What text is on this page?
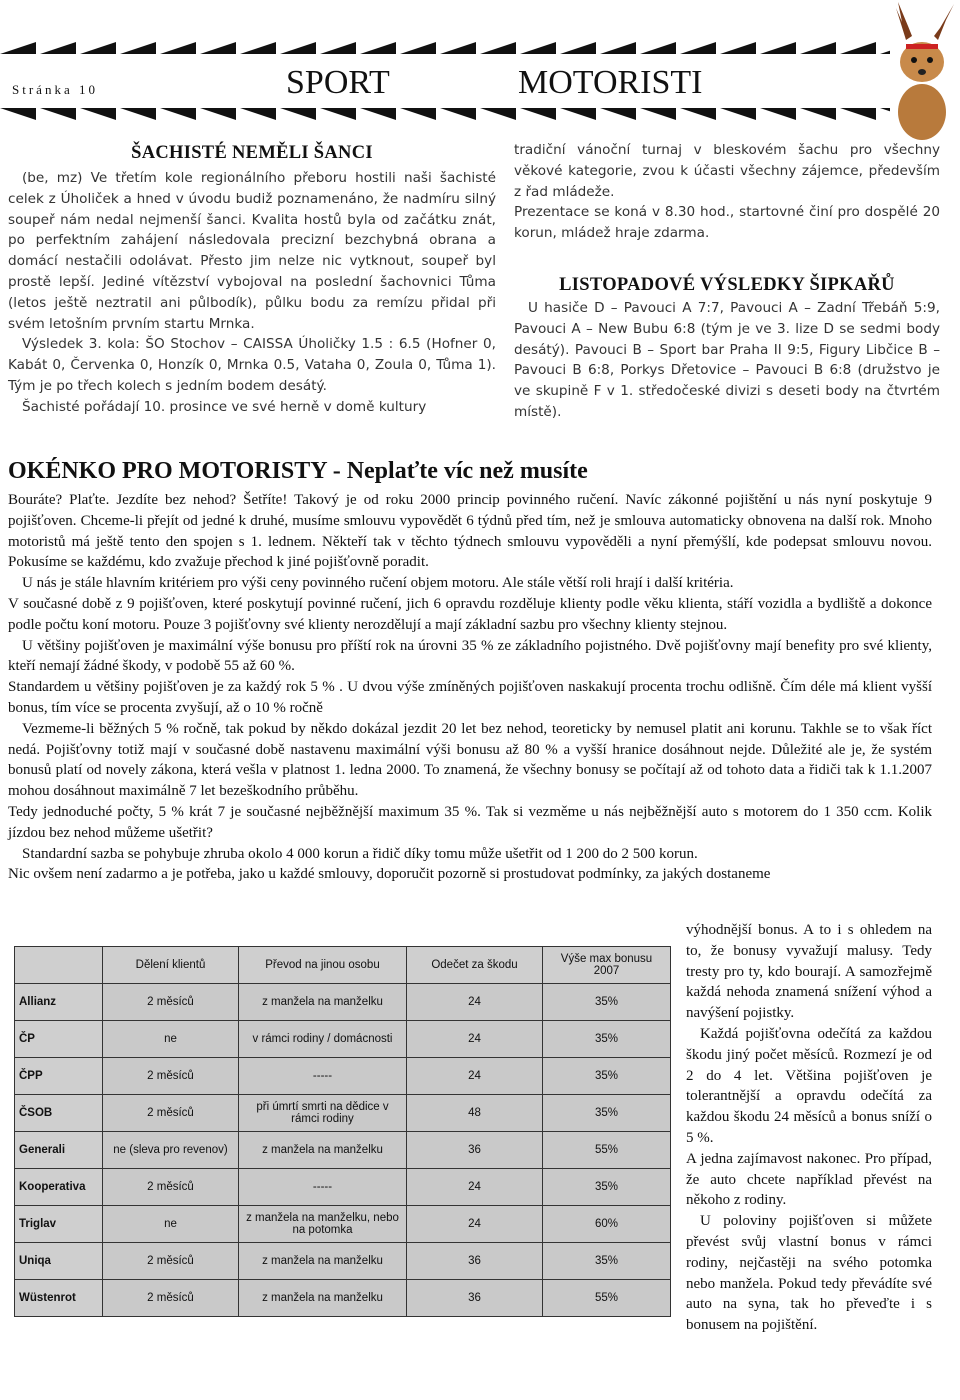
Stránka 10	SPORT	MOTORISTI
ŠACHISTÉ NEMĚLI ŠANCI

(be, mz) Ve třetím kole regionálního přeboru hostili naši šachisté celek z Úholiček a hned v úvodu budiž poznamenáno, že nadmíru silný soupeř nám nedal nejmenší šanci. Kvalita hostů byla od začátku znát, po perfektním zahájení následovala precizní bezchybná obrana a domácí nestačili odolávat. Přesto jim nelze nic vytknout, soupeř byl prostě lepší. Jediné vítězství vybojoval na poslední šachovnici Tůma (letos ještě neztratil ani půlbodík), půlku bodu za remízu přidal při svém letošním prvním startu Mrnka.

Výsledek 3. kola: ŠO Stochov – CAISSA Úholičky 1.5 : 6.5 (Hofner 0, Kabát 0, Červenka 0, Honzík 0, Mrnka 0.5, Vataha 0, Zoula 0, Tůma 1). Tým je po třech kolech s jedním bodem desátý.

Šachisté pořádají 10. prosince ve své herně v domě kultury

tradiční vánoční turnaj v bleskovém šachu pro všechny věkové kategorie, zvou k účasti všechny zájemce, především z řad mládeže.

Prezentace se koná v 8.30 hod., startovné činí pro dospělé 20 korun, mládež hraje zdarma.

LISTOPADOVÉ VÝSLEDKY ŠIPKAŘŮ

U hasiče D – Pavouci A 7:7, Pavouci A – Zadní Třebáň 5:9, Pavouci A – New Bubu 6:8 (tým je ve 3. lize D se sedmi body desátý). Pavouci B – Sport bar Praha II 9:5, Figury Libčice B – Pavouci B 6:8, Porkys Dřetovice – Pavouci B 6:8 (družstvo je ve skupině F v 1. středočeské divizi s deseti body na čtvrtém místě).

OKÉNKO PRO MOTORISTY - Neplaťte víc než musíte

Bouráte? Plaťte. Jezdíte bez nehod? Šetříte! Takový je od roku 2000 princip povinného ručení. Navíc zákonné pojištění u nás nyní poskytuje 9 pojišťoven. Chceme-li přejít od jedné k druhé, musíme smlouvu vypovědět 6 týdnů před tím, než je smlouva automaticky obnovena na další rok. Mnoho motoristů má ještě tento den spojen s 1. lednem. Někteří tak v těchto týdnech smlouvu vypověděli a nyní přemýšlí, kde podepsat smlouvu novou. Pokusíme se každému, kdo zvažuje přechod k jiné pojišťovně poradit.

U nás je stále hlavním kritériem pro výši ceny povinného ručení objem motoru. Ale stále větší roli hrají i další kritéria.

V současné době z 9 pojišťoven, které poskytují povinné ručení, jich 6 opravdu rozděluje klienty podle věku klienta, stáří vozidla a bydliště a dokonce podle počtu koní motoru. Pouze 3 pojišťovny své klienty nerozdělují a mají základní sazbu pro všechny klienty stejnou.

U většiny pojišťoven je maximální výše bonusu pro příští rok na úrovni 35 % ze základního pojistného. Dvě pojišťovny mají benefity pro své klienty, kteří nemají žádné škody, v podobě 55 až 60 %.

Standardem u většiny pojišťoven je za každý rok 5 % . U dvou výše zmíněných pojišťoven naskakují procenta trochu odlišně. Čím déle má klient vyšší bonus, tím více se procenta zvyšují, až o 10 % ročně

Vezmeme-li běžných 5 % ročně, tak pokud by někdo dokázal jezdit 20 let bez nehod, teoreticky by nemusel platit ani korunu. Takhle se to však říct nedá. Pojišťovny totiž mají v současné době nastavenu maximální výši bonusu až 80 % a vyšší hranice dosáhnout nejde. Důležité ale je, že systém bonusů platí od novely zákona, která vešla v platnost 1. ledna 2000. To znamená, že všechny bonusy se počítají až od tohoto data a řidiči tak k 1.1.2007 mohou dosáhnout maximálně 7 let bezeškodního průběhu.

Tedy jednoduché počty, 5 % krát 7 je současné nejběžnější maximum 35 %. Tak si vezměme u nás nejběžnější auto s motorem do 1 350 ccm. Kolik jízdou bez nehod můžeme ušetřit?

Standardní sazba se pohybuje zhruba okolo 4 000 korun a řidič díky tomu může ušetřit od 1 200 do 2 500 korun.

Nic ovšem není zadarmo a je potřeba, jako u každé smlouvy, doporučit pozorně si prostudovat podmínky, za jakých dostaneme

výhodnější bonus. A to i s ohledem na to, že bonusy vyvažují malusy. Tedy tresty pro ty, kdo bourají. A samozřejmě každá nehoda znamená snížení výhod a navýšení pojistky.

Každá pojišťovna odečítá za každou škodu jiný počet měsíců. Rozmezí je od 2 do 4 let. Většina pojišťoven je tolerantnější a opravdu odečítá za každou škodu 24 měsíců a bonus sníží o 5 %.

A jedna zajímavost nakonec. Pro případ, že auto chcete například převést na někoho z rodiny.

U poloviny pojišťoven si můžete převést svůj vlastní bonus v rámci rodiny, nejčastěji na svého potomka nebo manžela. Pokud tedy převádíte své auto na syna, tak ho převeďte i s bonusem na pojištění.

	Dělení klientů	Převod na jinou osobu	Odečet za škodu	Výše max bonusu 2007
Allianz	2 měsíců	z manžela na manželku	24	35%
ČP	ne	v rámci rodiny / domácnosti	24	35%
ČPP	2 měsíců	-----	24	35%
ČSOB	2 měsíců	při úmrtí smrti na dědice v rámci rodiny	48	35%
Generali	ne (sleva pro revenov)	z manžela na manželku	36	55%
Kooperativa	2 měsíců	-----	24	35%
Triglav	ne	z manžela na manželku, nebo na potomka	24	60%
Uniqa	2 měsíců	z manžela na manželku	36	35%
Wüstenrot	2 měsíců	z manžela na manželku	36	55%
